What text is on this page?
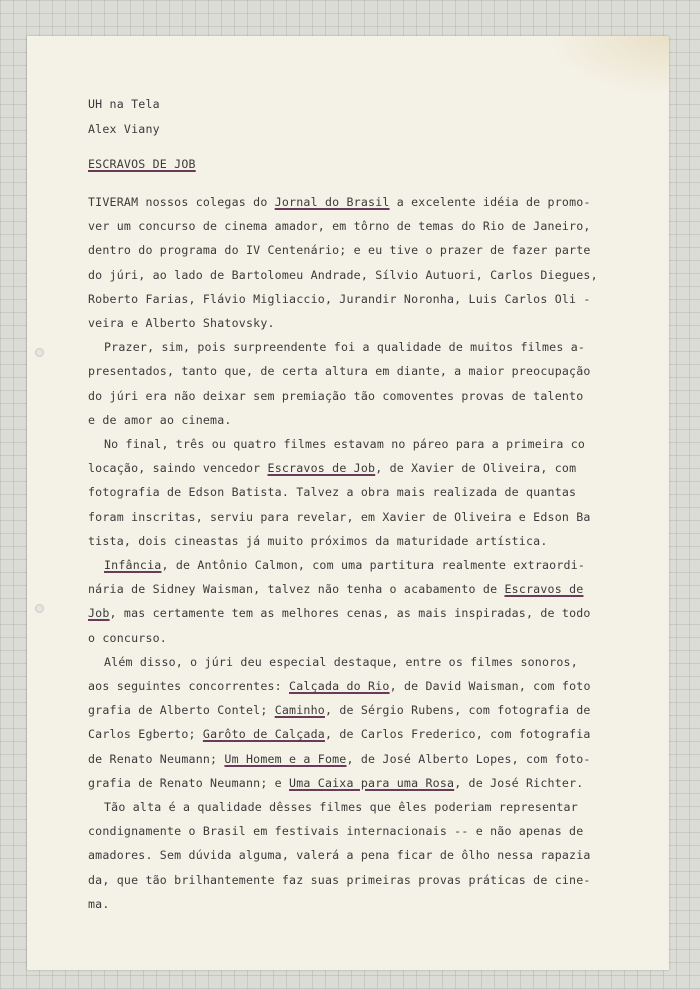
UH na Tela
Alex Viany
ESCRAVOS DE JOB
TIVERAM nossos colegas do Jornal do Brasil a excelente idéia de promo-
ver um concurso de cinema amador, em tôrno de temas do Rio de Janeiro,
dentro do programa do IV Centenário; e eu tive o prazer de fazer parte
do júri, ao lado de Bartolomeu Andrade, Sílvio Autuori, Carlos Diegues,
Roberto Farias, Flávio Migliaccio, Jurandir Noronha, Luis Carlos Oli -
veira e Alberto Shatovsky.
Prazer, sim, pois surpreendente foi a qualidade de muitos filmes a-
presentados, tanto que, de certa altura em diante, a maior preocupação
do júri era não deixar sem premiação tão comoventes provas de talento
e de amor ao cinema.
No final, três ou quatro filmes estavam no páreo para a primeira co
locação, saindo vencedor Escravos de Job, de Xavier de Oliveira, com
fotografia de Edson Batista. Talvez a obra mais realizada de quantas
foram inscritas, serviu para revelar, em Xavier de Oliveira e Edson Ba
tista, dois cineastas já muito próximos da maturidade artística.
Infância, de Antônio Calmon, com uma partitura realmente extraordi-
nária de Sidney Waisman, talvez não tenha o acabamento de Escravos de
Job, mas certamente tem as melhores cenas, as mais inspiradas, de todo
o concurso.
Além disso, o júri deu especial destaque, entre os filmes sonoros,
aos seguintes concorrentes: Calçada do Rio, de David Waisman, com foto
grafia de Alberto Contel; Caminho, de Sérgio Rubens, com fotografia de
Carlos Egberto; Garôto de Calçada, de Carlos Frederico, com fotografia
de Renato Neumann; Um Homem e a Fome, de José Alberto Lopes, com foto-
grafia de Renato Neumann; e Uma Caixa para uma Rosa, de José Richter.
Tão alta é a qualidade dêsses filmes que êles poderiam representar
condignamente o Brasil em festivais internacionais -- e não apenas de
amadores. Sem dúvida alguma, valerá a pena ficar de ôlho nessa rapazia
da, que tão brilhantemente faz suas primeiras provas práticas de cine-
ma.
